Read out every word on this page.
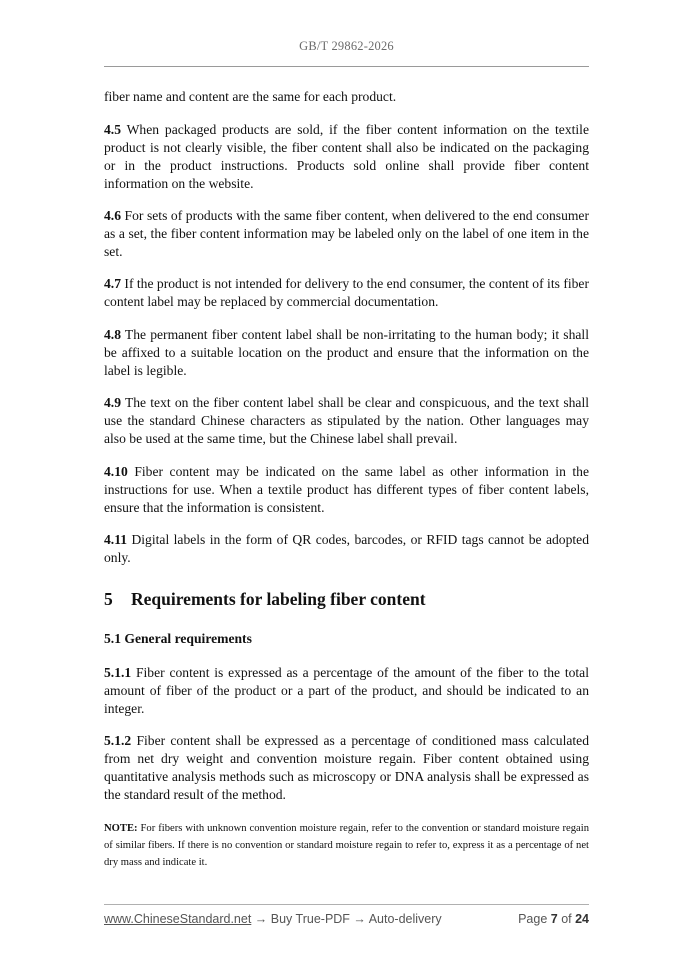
GB/T 29862-2026

fiber name and content are the same for each product.

4.5 When packaged products are sold, if the fiber content information on the textile product is not clearly visible, the fiber content shall also be indicated on the packaging or in the product instructions. Products sold online shall provide fiber content information on the website.

4.6 For sets of products with the same fiber content, when delivered to the end consumer as a set, the fiber content information may be labeled only on the label of one item in the set.

4.7 If the product is not intended for delivery to the end consumer, the content of its fiber content label may be replaced by commercial documentation.

4.8 The permanent fiber content label shall be non-irritating to the human body; it shall be affixed to a suitable location on the product and ensure that the information on the label is legible.

4.9 The text on the fiber content label shall be clear and conspicuous, and the text shall use the standard Chinese characters as stipulated by the nation. Other languages may also be used at the same time, but the Chinese label shall prevail.

4.10 Fiber content may be indicated on the same label as other information in the instructions for use. When a textile product has different types of fiber content labels, ensure that the information is consistent.

4.11 Digital labels in the form of QR codes, barcodes, or RFID tags cannot be adopted only.

5 Requirements for labeling fiber content
5.1 General requirements

5.1.1 Fiber content is expressed as a percentage of the amount of the fiber to the total amount of fiber of the product or a part of the product, and should be indicated to an integer.

5.1.2 Fiber content shall be expressed as a percentage of conditioned mass calculated from net dry weight and convention moisture regain. Fiber content obtained using quantitative analysis methods such as microscopy or DNA analysis shall be expressed as the standard result of the method.

NOTE: For fibers with unknown convention moisture regain, refer to the convention or standard moisture regain of similar fibers. If there is no convention or standard moisture regain to refer to, express it as a percentage of net dry mass and indicate it.

www.ChineseStandard.net → Buy True-PDF → Auto-delivery	Page 7 of 24
